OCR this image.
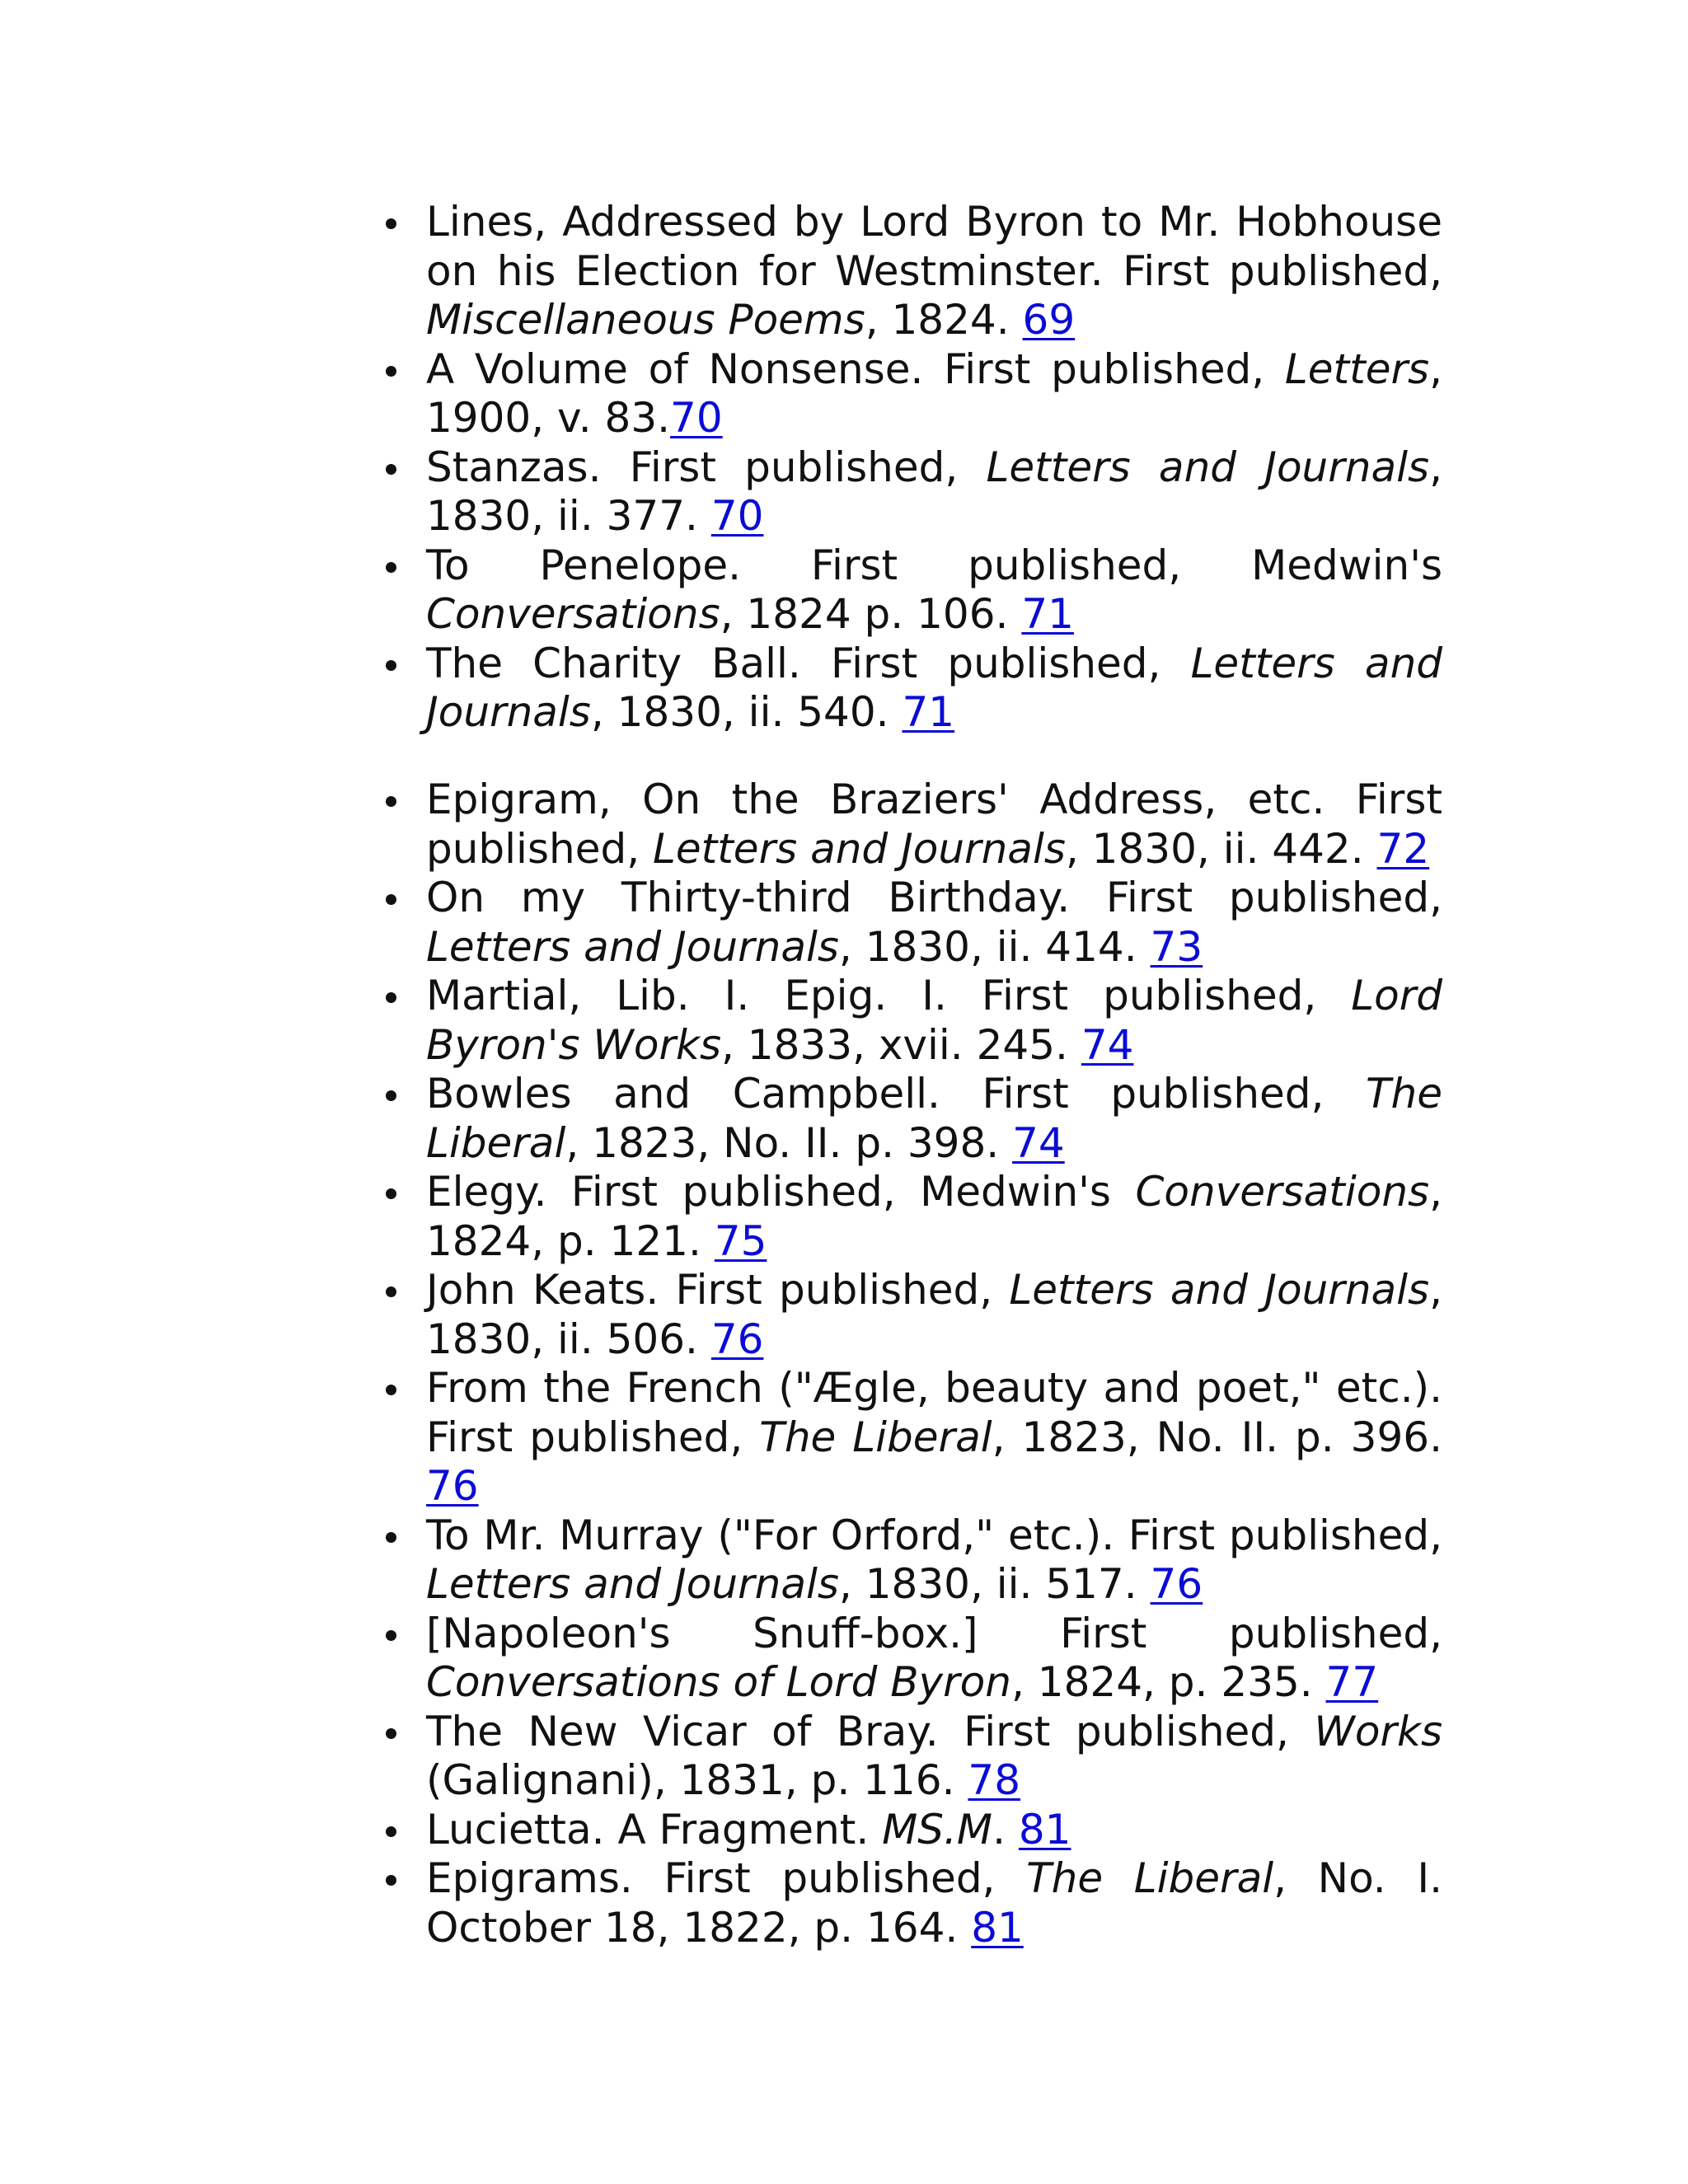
Lines, Addressed by Lord Byron to Mr. Hobhouse on his Election for Westminster. First published, Miscellaneous Poems, 1824. 69
A Volume of Nonsense. First published, Letters, 1900, v. 83.70
Stanzas. First published, Letters and Journals, 1830, ii. 377. 70
To Penelope. First published, Medwin's Conversations, 1824 p. 106. 71
The Charity Ball. First published, Letters and Journals, 1830, ii. 540. 71
Epigram, On the Braziers' Address, etc. First published, Letters and Journals, 1830, ii. 442. 72
On my Thirty-third Birthday. First published, Letters and Journals, 1830, ii. 414. 73
Martial, Lib. I. Epig. I. First published, Lord Byron's Works, 1833, xvii. 245. 74
Bowles and Campbell. First published, The Liberal, 1823, No. II. p. 398. 74
Elegy. First published, Medwin's Conversations, 1824, p. 121. 75
John Keats. First published, Letters and Journals, 1830, ii. 506. 76
From the French ("Ægle, beauty and poet," etc.). First published, The Liberal, 1823, No. II. p. 396. 76
To Mr. Murray ("For Orford," etc.). First published, Letters and Journals, 1830, ii. 517. 76
[Napoleon's Snuff-box.] First published, Conversations of Lord Byron, 1824, p. 235. 77
The New Vicar of Bray. First published, Works (Galignani), 1831, p. 116. 78
Lucietta. A Fragment. MS.M. 81
Epigrams. First published, The Liberal, No. I. October 18, 1822, p. 164. 81
